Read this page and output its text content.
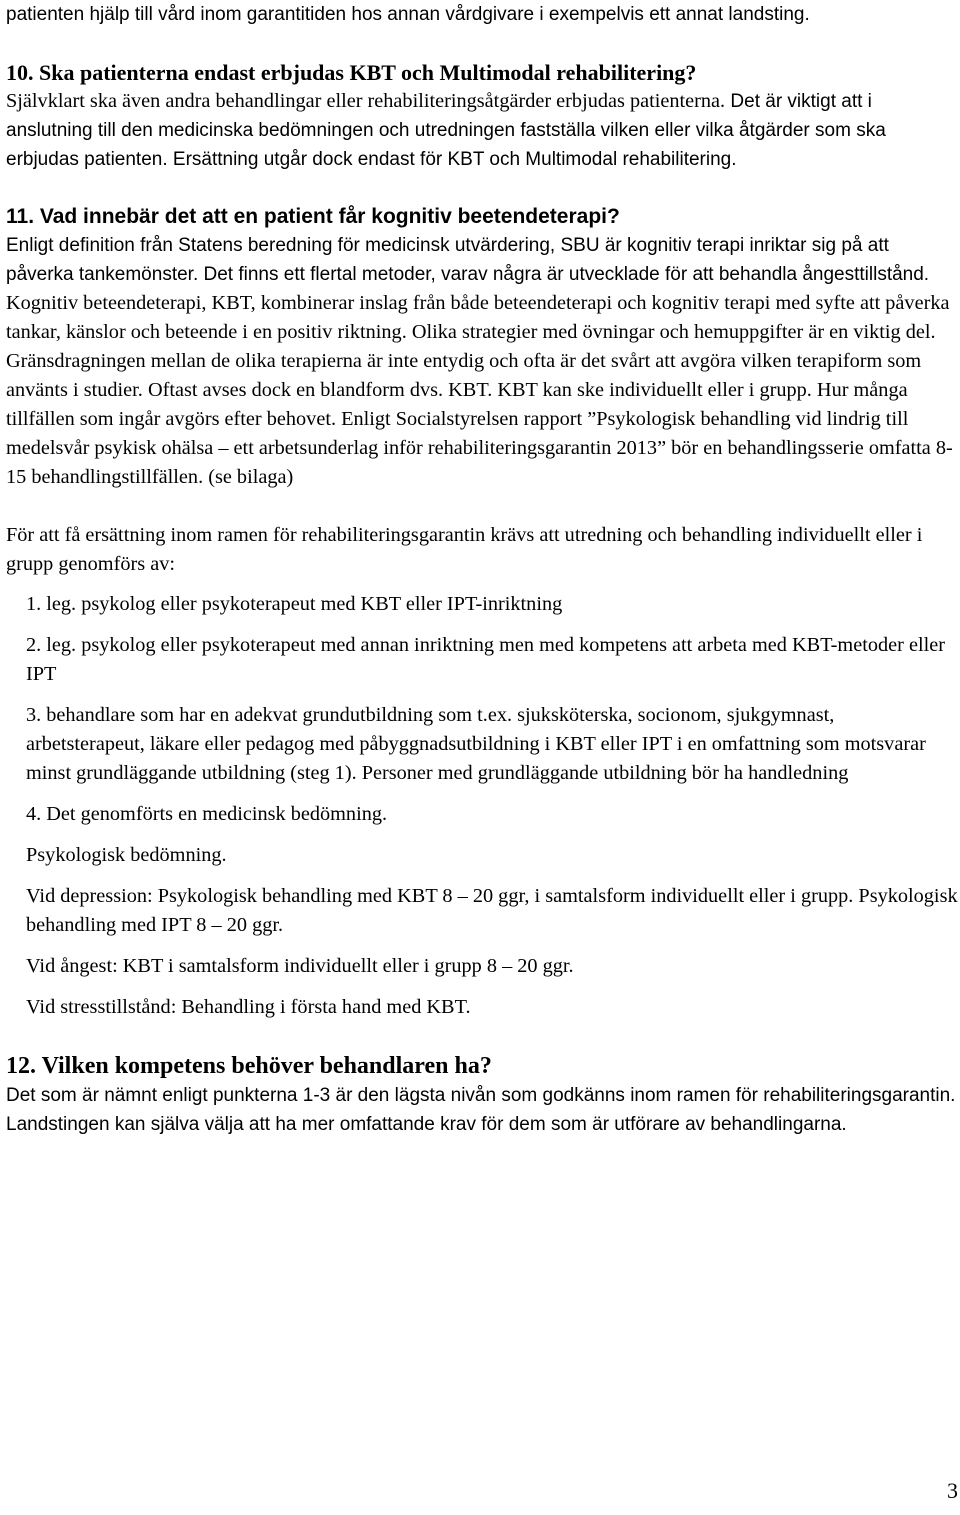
patienten hjälp till vård inom garantitiden hos annan vårdgivare i exempelvis ett annat landsting.

10. Ska patienterna endast erbjudas KBT och Multimodal rehabilitering?

Självklart ska även andra behandlingar eller rehabiliteringsåtgärder erbjudas patienterna. Det är viktigt att i anslutning till den medicinska bedömningen och utredningen fastställa vilken eller vilka åtgärder som ska erbjudas patienten. Ersättning utgår dock endast för KBT och Multimodal rehabilitering.

11. Vad innebär det att en patient får kognitiv beetendeterapi?

Enligt definition från Statens beredning för medicinsk utvärdering, SBU är kognitiv terapi inriktar sig på att påverka tankemönster. Det finns ett flertal metoder, varav några är utvecklade för att behandla ångesttillstånd. Kognitiv beteendeterapi, KBT, kombinerar inslag från både beteendeterapi och kognitiv terapi med syfte att påverka tankar, känslor och beteende i en positiv riktning. Olika strategier med övningar och hemuppgifter är en viktig del. Gränsdragningen mellan de olika terapierna är inte entydig och ofta är det svårt att avgöra vilken terapiform som använts i studier. Oftast avses dock en blandform dvs. KBT. KBT kan ske individuellt eller i grupp. Hur många tillfällen som ingår avgörs efter behovet. Enligt Socialstyrelsen rapport ”Psykologisk behandling vid lindrig till medelsvår psykisk ohälsa – ett arbetsunderlag inför rehabiliteringsgarantin 2013” bör en behandlingsserie omfatta 8-15 behandlingstillfällen. (se bilaga)

För att få ersättning inom ramen för rehabiliteringsgarantin krävs att utredning och behandling individuellt eller i grupp genomförs av:

1. leg. psykolog eller psykoterapeut med KBT eller IPT-inriktning

2. leg. psykolog eller psykoterapeut med annan inriktning men med kompetens att arbeta med KBT-metoder eller IPT

3. behandlare som har en adekvat grundutbildning som t.ex. sjuksköterska, socionom, sjukgymnast, arbetsterapeut, läkare eller pedagog med påbyggnadsutbildning i KBT eller IPT i en omfattning som motsvarar minst grundläggande utbildning (steg 1). Personer med grundläggande utbildning bör ha handledning

4. Det genomförts en medicinsk bedömning.

Psykologisk bedömning.

Vid depression: Psykologisk behandling med KBT 8 – 20 ggr, i samtalsform individuellt eller i grupp. Psykologisk behandling med IPT 8 – 20 ggr.

Vid ångest: KBT i samtalsform individuellt eller i grupp 8 – 20 ggr.

Vid stresstillstånd: Behandling i första hand med KBT.

12. Vilken kompetens behöver behandlaren ha?

Det som är nämnt enligt punkterna 1-3 är den lägsta nivån som godkänns inom ramen för rehabiliteringsgarantin. Landstingen kan själva välja att ha mer omfattande krav för dem som är utförare av behandlingarna.

3
